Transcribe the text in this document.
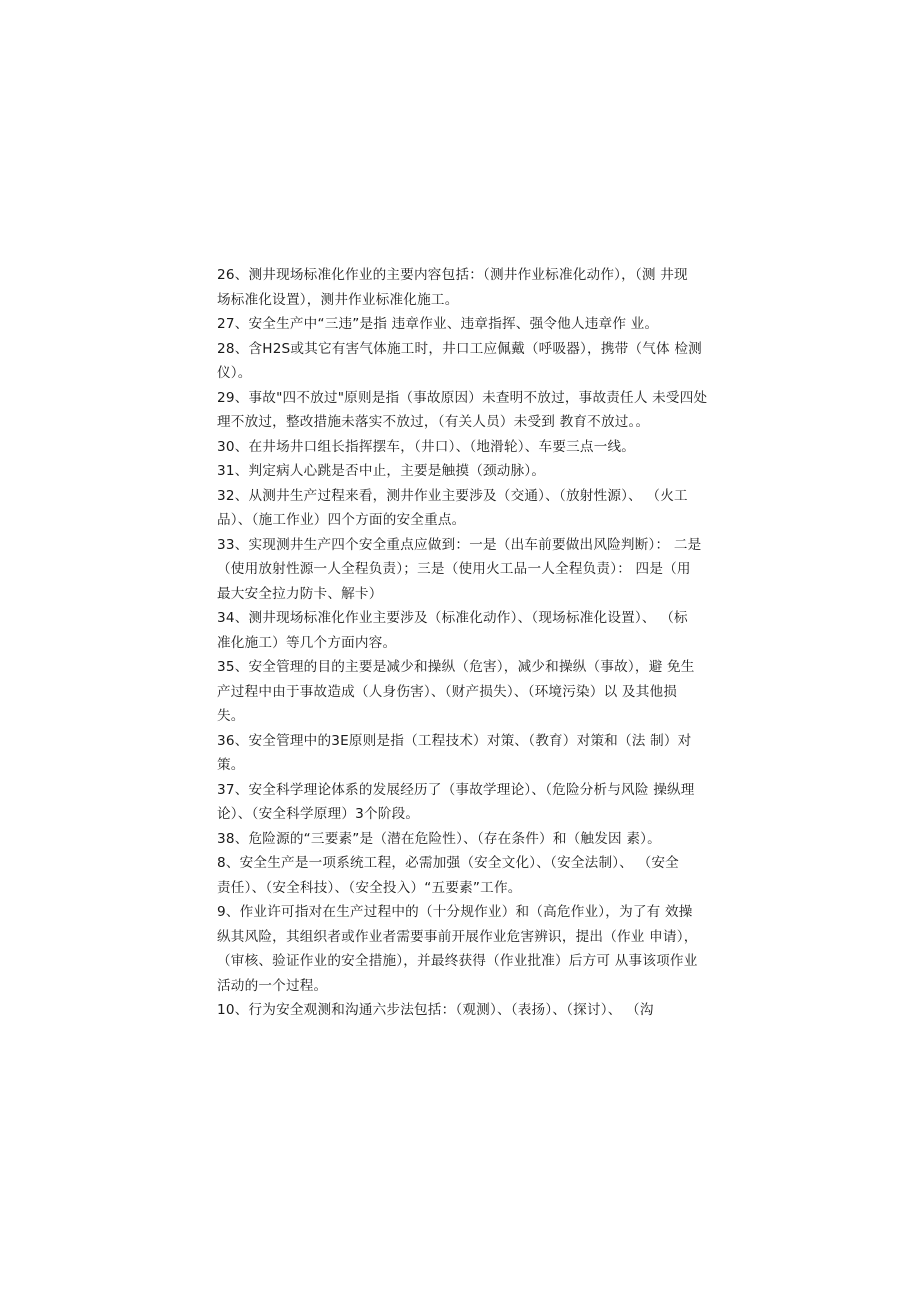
26、测井现场标准化作业的主要内容包括：（测井作业标准化动作），（测 井现
场标准化设置），测井作业标准化施工。
27、安全生产中“三违”是指 违章作业、违章指挥、强令他人违章作 业。
28、含H2S或其它有害气体施工时，井口工应佩戴（呼吸器），携带（气体 检测
仪）。
29、事故"四不放过"原则是指（事故原因）未查明不放过，事故责任人 未受四处
理不放过，整改措施未落实不放过，（有关人员）未受到 教育不放过。。
30、在井场井口组长指挥摆车，（井口）、（地滑轮）、车要三点一线。
31、判定病人心跳是否中止，主要是触摸（颈动脉）。
32、从测井生产过程来看，测井作业主要涉及（交通）、（放射性源）、 （火工
品）、（施工作业）四个方面的安全重点。
33、实现测井生产四个安全重点应做到：一是（出车前要做出风险判断）： 二是
（使用放射性源一人全程负责）；三是（使用火工品一人全程负责）： 四是（用
最大安全拉力防卡、解卡）
34、测井现场标准化作业主要涉及（标准化动作）、（现场标准化设置）、 （标
准化施工）等几个方面内容。
35、安全管理的目的主要是减少和操纵（危害），减少和操纵（事故），避 免生
产过程中由于事故造成（人身伤害）、（财产损失）、（环境污染）以 及其他损
失。
36、安全管理中的3E原则是指（工程技术）对策、（教育）对策和（法 制）对
策。
37、安全科学理论体系的发展经历了（事故学理论）、（危险分析与风险 操纵理
论）、（安全科学原理）3个阶段。
38、危险源的“三要素”是（潜在危险性）、（存在条件）和（触发因 素）。
8、安全生产是一项系统工程，必需加强（安全文化）、（安全法制）、 （安全
责任）、（安全科技）、（安全投入）“五要素”工作。
9、作业许可指对在生产过程中的（十分规作业）和（高危作业），为了有 效操
纵其风险，其组织者或作业者需要事前开展作业危害辨识，提出（作业 申请），
（审核、验证作业的安全措施），并最终获得（作业批准）后方可 从事该项作业
活动的一个过程。
10、行为安全观测和沟通六步法包括：（观测）、（表扬）、（探讨）、 （沟
